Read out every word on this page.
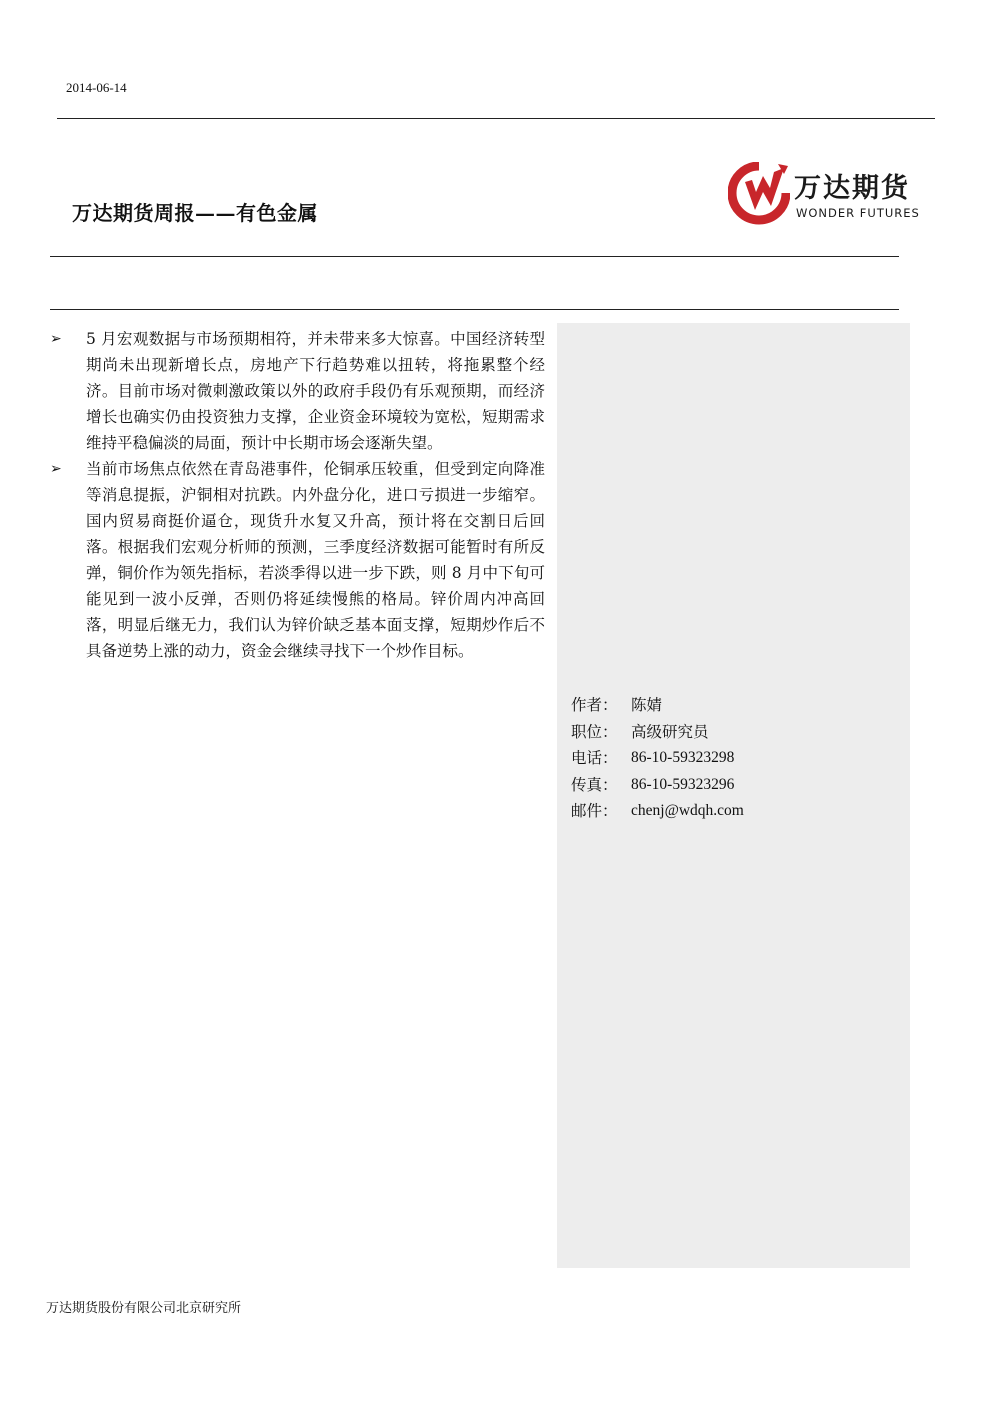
2014-06-14
万达期货周报——有色金属
万达期货
WONDER FUTURES
➢	5 月宏观数据与市场预期相符，并未带来多大惊喜。中国经济转型期尚未出现新增长点，房地产下行趋势难以扭转，将拖累整个经济。目前市场对微刺激政策以外的政府手段仍有乐观预期，而经济增长也确实仍由投资独力支撑，企业资金环境较为宽松，短期需求维持平稳偏淡的局面，预计中长期市场会逐渐失望。
➢	当前市场焦点依然在青岛港事件，伦铜承压较重，但受到定向降准等消息提振，沪铜相对抗跌。内外盘分化，进口亏损进一步缩窄。国内贸易商挺价逼仓，现货升水复又升高，预计将在交割日后回落。根据我们宏观分析师的预测，三季度经济数据可能暂时有所反弹，铜价作为领先指标，若淡季得以进一步下跌，则 8 月中下旬可能见到一波小反弹，否则仍将延续慢熊的格局。锌价周内冲高回落，明显后继无力，我们认为锌价缺乏基本面支撑，短期炒作后不具备逆势上涨的动力，资金会继续寻找下一个炒作目标。
作者： 陈婧
职位： 高级研究员
电话： 86-10-59323298
传真： 86-10-59323296
邮件： chenj@wdqh.com
万达期货股份有限公司北京研究所
